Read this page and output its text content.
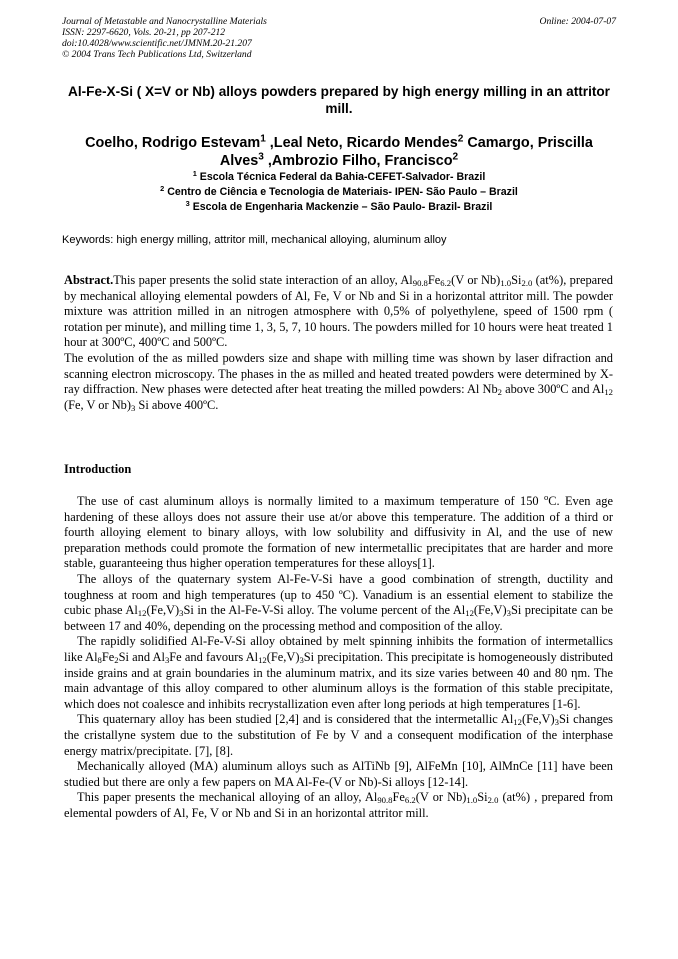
Journal of Metastable and Nanocrystalline Materials
ISSN: 2297-6620, Vols. 20-21, pp 207-212
doi:10.4028/www.scientific.net/JMNM.20-21.207
© 2004 Trans Tech Publications Ltd, Switzerland
Online: 2004-07-07
Al-Fe-X-Si ( X=V or Nb) alloys powders prepared by high energy milling in an attritor mill.
Coelho, Rodrigo Estevam$^1$ ,Leal Neto, Ricardo Mendes$^2$ Camargo, Priscilla Alves$^3$ ,Ambrozio Filho, Francisco$^2$
$^1$ Escola Técnica Federal da Bahia-CEFET-Salvador- Brazil
$^2$ Centro de Ciência e Tecnologia de Materiais- IPEN- São Paulo – Brazil
$^3$ Escola de Engenharia Mackenzie – São Paulo- Brazil- Brazil
Keywords: high energy milling, attritor mill, mechanical alloying, aluminum alloy

Abstract.This paper presents the solid state interaction of an alloy, $Al_{90.8}Fe_{6.2}(V$ or $Nb)_{1.0}Si_{2.0}$ (at%), prepared by mechanical alloying elemental powders of Al, Fe, V or Nb and Si in a horizontal attritor mill. The powder mixture was attrition milled in an nitrogen atmosphere with 0,5% of polyethylene, speed of 1500 rpm ( rotation per minute), and milling time 1, 3, 5, 7, 10 hours. The powders milled for 10 hours were heat treated 1 hour at 300ºC, 400ºC and 500ºC.

The evolution of the as milled powders size and shape with milling time was shown by laser difraction and scanning electron microscopy. The phases in the as milled and heated treated powders were determined by X-ray diffraction. New phases were detected after heat treating the milled powders: Al $Nb_2$ above 300ºC and $Al_{12}$ (Fe, V or $Nb)_3$ Si above 400ºC.

Introduction

The use of cast aluminum alloys is normally limited to a maximum temperature of 150 $^o$C. Even age hardening of these alloys does not assure their use at/or above this temperature. The addition of a third or fourth alloying element to binary alloys, with low solubility and diffusivity in Al, and the use of new preparation methods could promote the formation of new intermetallic precipitates that are harder and more stable, guaranteeing thus higher operation temperatures for these alloys[1].

The alloys of the quaternary system Al-Fe-V-Si have a good combination of strength, ductility and toughness at room and high temperatures (up to 450 ºC). Vanadium is an essential element to stabilize the cubic phase $Al_{12}(Fe,V)_3Si$ in the Al-Fe-V-Si alloy. The volume percent of the $Al_{12}(Fe,V)_3Si$ precipitate can be between 17 and 40%, depending on the processing method and composition of the alloy.

The rapidly solidified Al-Fe-V-Si alloy obtained by melt spinning inhibits the formation of intermetallics like $Al_8Fe_2Si$ and $Al_3Fe$ and favours $Al_{12}(Fe,V)_3Si$ precipitation. This precipitate is homogeneously distributed inside grains and at grain boundaries in the aluminum matrix, and its size varies between 40 and 80 ηm. The main advantage of this alloy compared to other aluminum alloys is the formation of this stable precipitate, which does not coalesce and inhibits recrystallization even after long periods at high temperatures [1-6].

This quaternary alloy has been studied [2,4] and is considered that the intermetallic $Al_{12}(Fe,V)_3Si$ changes the cristallyne system due to the substitution of Fe by V and a consequent modification of the interphase energy matrix/precipitate. [7], [8].

Mechanically alloyed (MA) aluminum alloys such as AlTiNb [9], AlFeMn [10], AlMnCe [11] have been studied but there are only a few papers on MA Al-Fe-(V or Nb)-Si alloys [12-14].

This paper presents the mechanical alloying of an alloy, $Al_{90.8}Fe_{6.2}(V$ or $Nb)_{1.0}Si_{2.0}$ (at%) , prepared from elemental powders of Al, Fe, V or Nb and Si in an horizontal attritor mill.
